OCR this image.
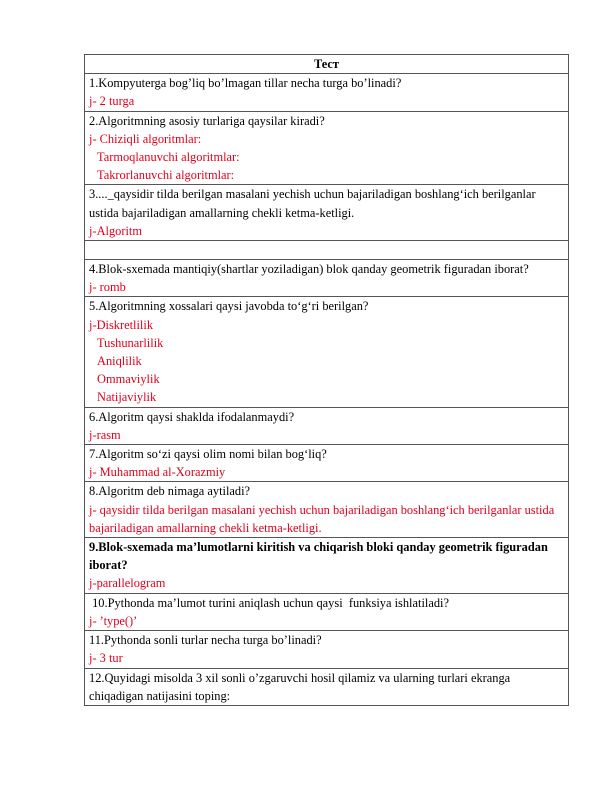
Тест

1.Kompyuterga bog’liq bo’lmagan tillar necha turga bo’linadi?
j- 2 turga

2.Algoritmning asosiy turlariga qaysilar kiradi?
j- Chiziqli algoritmlar:
Tarmoqlanuvchi algoritmlar:
Takrorlanuvchi algoritmlar:

3...._qaysidir tilda berilgan masalani yechish uchun bajariladigan boshlang‘ich berilganlar ustida bajariladigan amallarning chekli ketma-ketligi.
j-Algoritm

4.Blok-sxemada mantiqiy(shartlar yoziladigan) blok qanday geometrik figuradan iborat?
j- romb

5.Algoritmning xossalari qaysi javobda to‘g‘ri berilgan?
j-Diskretlilik
Tushunarlilik
Aniqlilik
Ommaviylik
Natijaviylik

6.Algoritm qaysi shaklda ifodalanmaydi?
j-rasm

7.Algoritm so‘zi qaysi olim nomi bilan bog‘liq?
j- Muhammad al-Xorazmiy

8.Algoritm deb nimaga aytiladi?
j- qaysidir tilda berilgan masalani yechish uchun bajariladigan boshlang‘ich berilganlar ustida bajariladigan amallarning chekli ketma-ketligi.

9.Blok-sxemada ma’lumotlarni kiritish va chiqarish bloki qanday geometrik figuradan iborat?
j-parallelogram

10.Pythonda ma’lumot turini aniqlash uchun qaysi  funksiya ishlatiladi?
j- ’type()’

11.Pythonda sonli turlar necha turga bo’linadi?
j- 3 tur

12.Quyidagi misolda 3 xil sonli o’zgaruvchi hosil qilamiz va ularning turlari ekranga chiqadigan natijasini toping:
